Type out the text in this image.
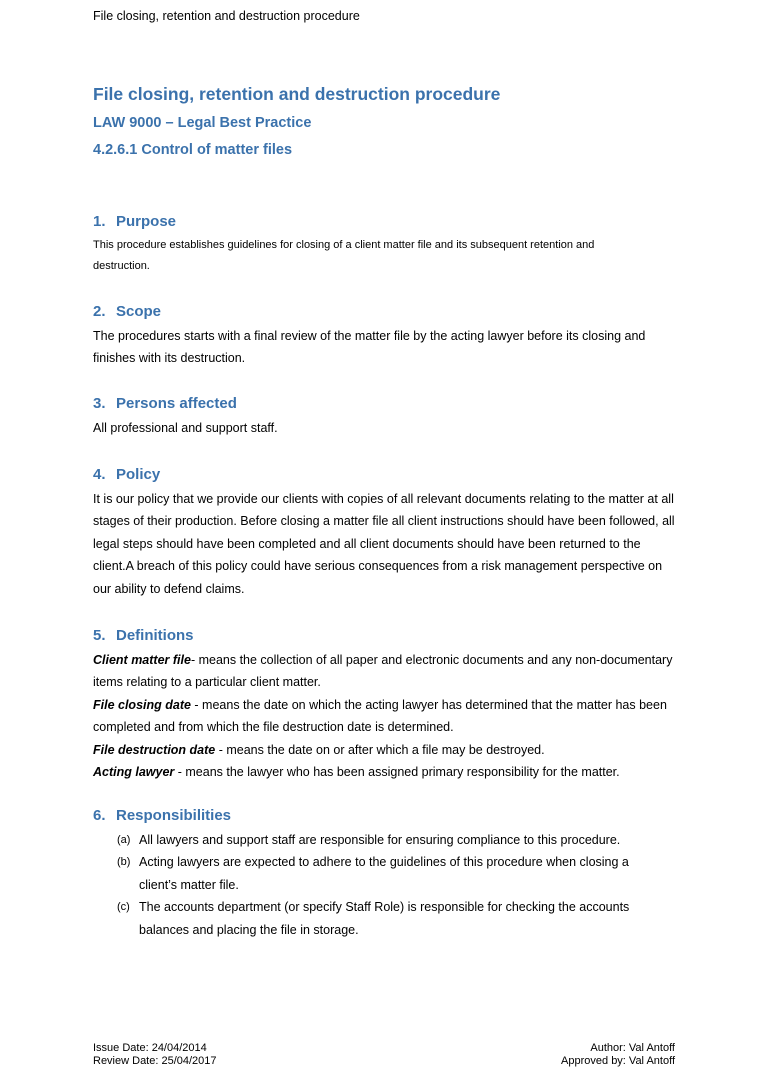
File closing, retention and destruction procedure
File closing, retention and destruction procedure
LAW 9000 – Legal Best Practice
4.2.6.1 Control of matter files
1. Purpose

This procedure establishes guidelines for closing of a client matter file and its subsequent retention and destruction.

2. Scope

The procedures starts with a final review of the matter file by the acting lawyer before its closing and finishes with its destruction.

3. Persons affected

All professional and support staff.

4. Policy

It is our policy that we provide our clients with copies of all relevant documents relating to the matter at all stages of their production. Before closing a matter file all client instructions should have been followed, all legal steps should have been completed and all client documents should have been returned to the client.A breach of this policy could have serious consequences from a risk management perspective on our ability to defend claims.

5. Definitions

Client matter file- means the collection of all paper and electronic documents and any non-documentary items relating to a particular client matter.
File closing date - means the date on which the acting lawyer has determined that the matter has been completed and from which the file destruction date is determined.
File destruction date - means the date on or after which a file may be destroyed.
Acting lawyer - means the lawyer who has been assigned primary responsibility for the matter.

6. Responsibilities
(a) All lawyers and support staff are responsible for ensuring compliance to this procedure.
(b) Acting lawyers are expected to adhere to the guidelines of this procedure when closing a client’s matter file.
(c) The accounts department (or specify Staff Role) is responsible for checking the accounts balances and placing the file in storage.
Issue Date: 24/04/2014
Review Date: 25/04/2017
Author: Val Antoff
Approved by: Val Antoff
